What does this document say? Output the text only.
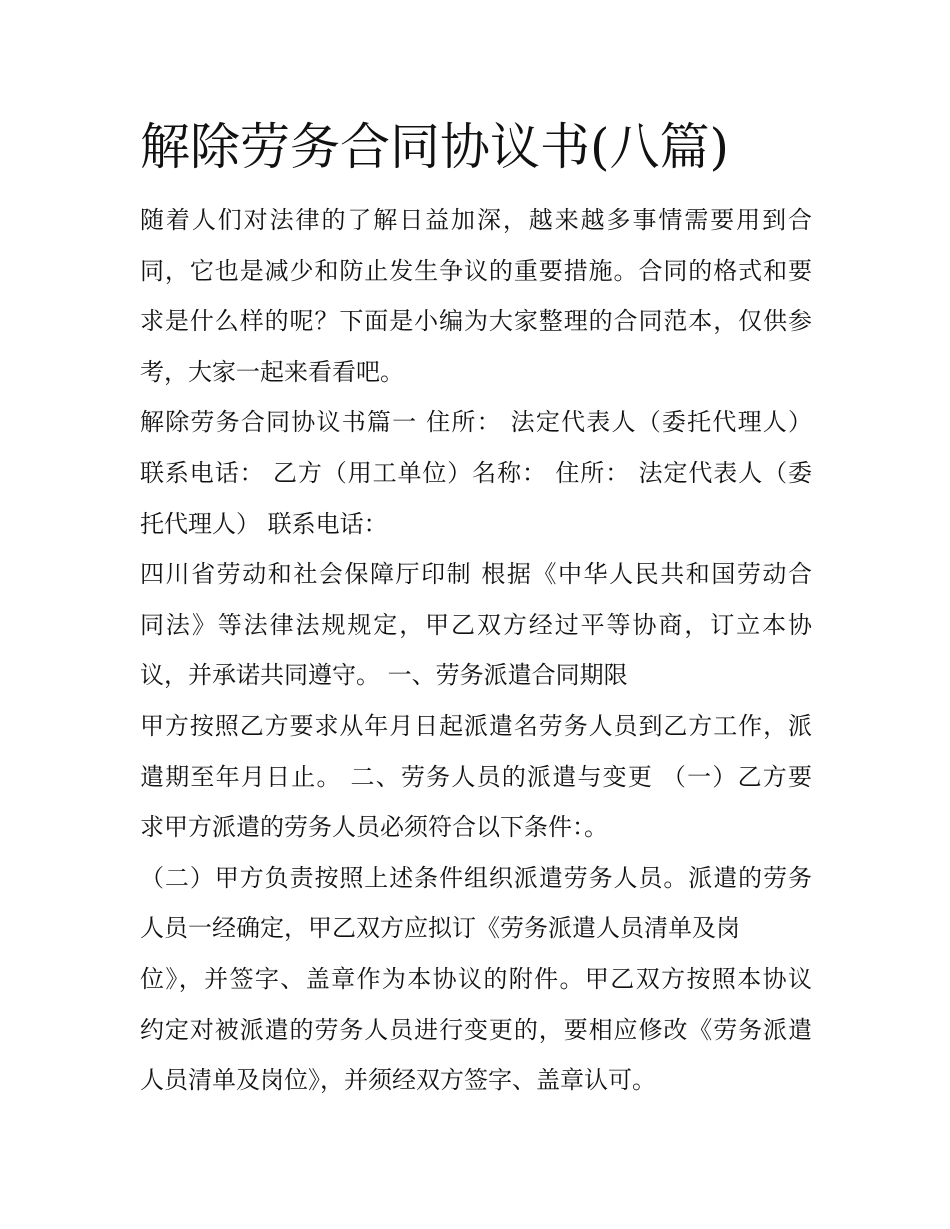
解除劳务合同协议书(八篇)

随着人们对法律的了解日益加深，越来越多事情需要用到合
同，它也是减少和防止发生争议的重要措施。合同的格式和要
求是什么样的呢？下面是小编为大家整理的合同范本，仅供参
考，大家一起来看看吧。

解除劳务合同协议书篇一 住所： 法定代表人（委托代理人）
联系电话： 乙方（用工单位）名称： 住所： 法定代表人（委
托代理人） 联系电话：

四川省劳动和社会保障厅印制 根据《中华人民共和国劳动合
同法》等法律法规规定，甲乙双方经过平等协商，订立本协
议，并承诺共同遵守。 一、劳务派遣合同期限

甲方按照乙方要求从年月日起派遣名劳务人员到乙方工作，派
遣期至年月日止。 二、劳务人员的派遣与变更 （一）乙方要
求甲方派遣的劳务人员必须符合以下条件：。

（二）甲方负责按照上述条件组织派遣劳务人员。派遣的劳务
人员一经确定，甲乙双方应拟订《劳务派遣人员清单及岗
位》，并签字、盖章作为本协议的附件。甲乙双方按照本协议
约定对被派遣的劳务人员进行变更的，要相应修改《劳务派遣
人员清单及岗位》，并须经双方签字、盖章认可。
